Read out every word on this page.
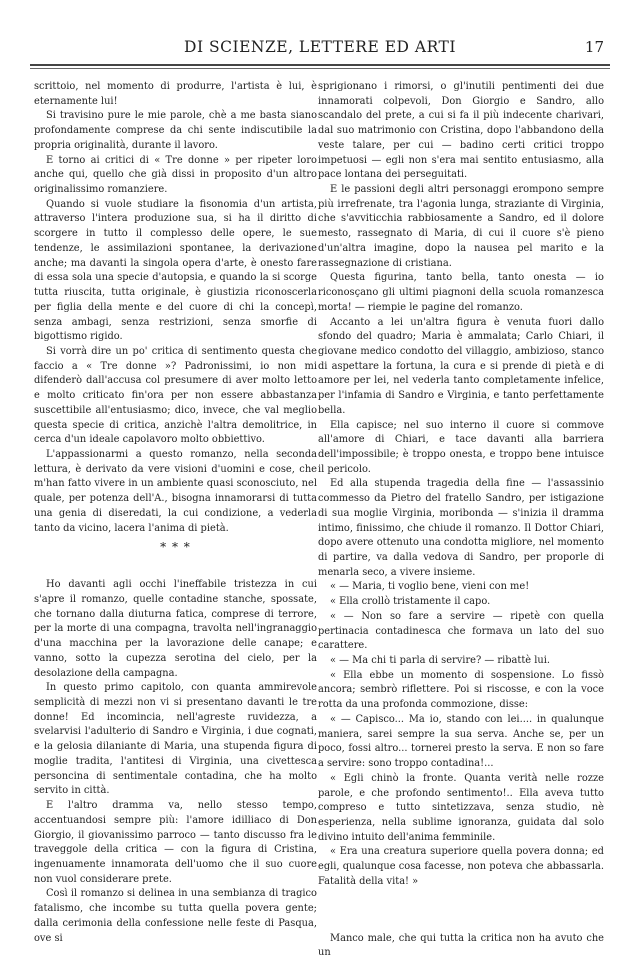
DI SCIENZE, LETTERE ED ARTI	17

scrittoio, nel momento di produrre, l'artista è lui, è eternamente lui!

Si travisino pure le mie parole, chè a me basta siano profondamente comprese da chi sente indiscutibile la propria originalità, durante il lavoro.

E torno ai critici di « Tre donne » per ripeter loro anche qui, quello che già dissi in proposito d'un altro originalissimo romanziere.

Quando si vuole studiare la fisonomia d'un artista, attraverso l'intera produzione sua, si ha il diritto di scorgere in tutto il complesso delle opere, le sue tendenze, le assimilazioni spontanee, la derivazione anche; ma davanti la singola opera d'arte, è onesto fare di essa sola una specie d'autopsia, e quando la si scorge tutta riuscita, tutta originale, è giustizia riconoscerla per figlia della mente e del cuore di chi la concepì, senza ambagi, senza restrizioni, senza smorfie di bigottismo rigido.

Si vorrà dire un po' critica di sentimento questa che faccio a « Tre donne »? Padronissimi, io non mi difenderò dall'accusa col presumere di aver molto letto e molto criticato fin'ora per non essere abbastanza suscettibile all'entusiasmo; dico, invece, che val meglio questa specie di critica, anzichè l'altra demolitrice, in cerca d'un ideale capolavoro molto obbiettivo.

L'appassionarmi a questo romanzo, nella seconda lettura, è derivato da vere visioni d'uomini e cose, che m'han fatto vivere in un ambiente quasi sconosciuto, nel quale, per potenza dell'A., bisogna innamorarsi di tutta una genia di diseredati, la cui condizione, a vederla tanto da vicino, lacera l'anima di pietà.

* * *

Ho davanti agli occhi l'ineffabile tristezza in cui s'apre il romanzo, quelle contadine stanche, spossate, che tornano dalla diuturna fatica, comprese di terrore, per la morte di una compagna, travolta nell'ingranaggio d'una macchina per la lavorazione delle canape; e vanno, sotto la cupezza serotina del cielo, per la desolazione della campagna.

In questo primo capitolo, con quanta ammirevole semplicità di mezzi non vi si presentano davanti le tre donne! Ed incomincia, nell'agreste ruvidezza, a svelarvisi l'adulterio di Sandro e Virginia, i due cognati, e la gelosia dilaniante di Maria, una stupenda figura di moglie tradita, l'antitesi di Virginia, una civettesca personcina di sentimentale contadina, che ha molto servito in città.

E l'altro dramma va, nello stesso tempo, accentuandosi sempre più: l'amore idilliaco di Don Giorgio, il giovanissimo parroco — tanto discusso fra le traveggole della critica — con la figura di Cristina, ingenuamente innamorata dell'uomo che il suo cuore non vuol considerare prete.

Così il romanzo si delinea in una sembianza di tragico fatalismo, che incombe su tutta quella povera gente; dalla cerimonia della confessione nelle feste di Pasqua, ove si

sprigionano i rimorsi, o gl'inutili pentimenti dei due innamorati colpevoli, Don Giorgio e Sandro, allo scandalo del prete, a cui si fa il più indecente charivari, dal suo matrimonio con Cristina, dopo l'abbandono della veste talare, per cui — badino certi critici troppo impetuosi — egli non s'era mai sentito entusiasmo, alla pace lontana dei perseguitati.

E le passioni degli altri personaggi erompono sempre più irrefrenate, tra l'agonia lunga, straziante di Virginia, che s'avviticchia rabbiosamente a Sandro, ed il dolore mesto, rassegnato di Maria, di cui il cuore s'è pieno d'un'altra imagine, dopo la nausea pel marito e la rassegnazione di cristiana.

Questa figurina, tanto bella, tanto onesta — io riconosçano gli ultimi piagnoni della scuola romanzesca morta! — riempie le pagine del romanzo.

Accanto a lei un'altra figura è venuta fuori dallo sfondo del quadro; Maria è ammalata; Carlo Chiari, il giovane medico condotto del villaggio, ambizioso, stanco di aspettare la fortuna, la cura e si prende di pietà e di amore per lei, nel vederla tanto completamente infelice, per l'infamia di Sandro e Virginia, e tanto perfettamente bella.

Ella capisce; nel suo interno il cuore si commove all'amore di Chiari, e tace davanti alla barriera dell'impossibile; è troppo onesta, e troppo bene intuisce il pericolo.

Ed alla stupenda tragedia della fine — l'assassinio commesso da Pietro del fratello Sandro, per istigazione di sua moglie Virginia, moribonda — s'inizia il dramma intimo, finissimo, che chiude il romanzo. Il Dottor Chiari, dopo avere ottenuto una condotta migliore, nel momento di partire, va dalla vedova di Sandro, per proporle di menarla seco, a vivere insieme.

« — Maria, ti voglio bene, vieni con me!

« Ella crollò tristamente il capo.

« — Non so fare a servire — ripetè con quella pertinacia contadinesca che formava un lato del suo carattere.

« — Ma chi ti parla di servire? — ribattè lui.

« Ella ebbe un momento di sospensione. Lo fissò ancora; sembrò riflettere. Poi si riscosse, e con la voce rotta da una profonda commozione, disse:

« — Capisco... Ma io, stando con lei.... in qualunque maniera, sarei sempre la sua serva. Anche se, per un poco, fossi altro... tornerei presto la serva. E non so fare a servire: sono troppo contadina!...

« Egli chinò la fronte. Quanta verità nelle rozze parole, e che profondo sentimento!.. Ella aveva tutto compreso e tutto sintetizzava, senza studio, nè esperienza, nella sublime ignoranza, guidata dal solo divino intuito dell'anima femminile.

« Era una creatura superiore quella povera donna; ed egli, qualunque cosa facesse, non poteva che abbassarla. Fatalità della vita! »

Manco male, che qui tutta la critica non ha avuto che un
